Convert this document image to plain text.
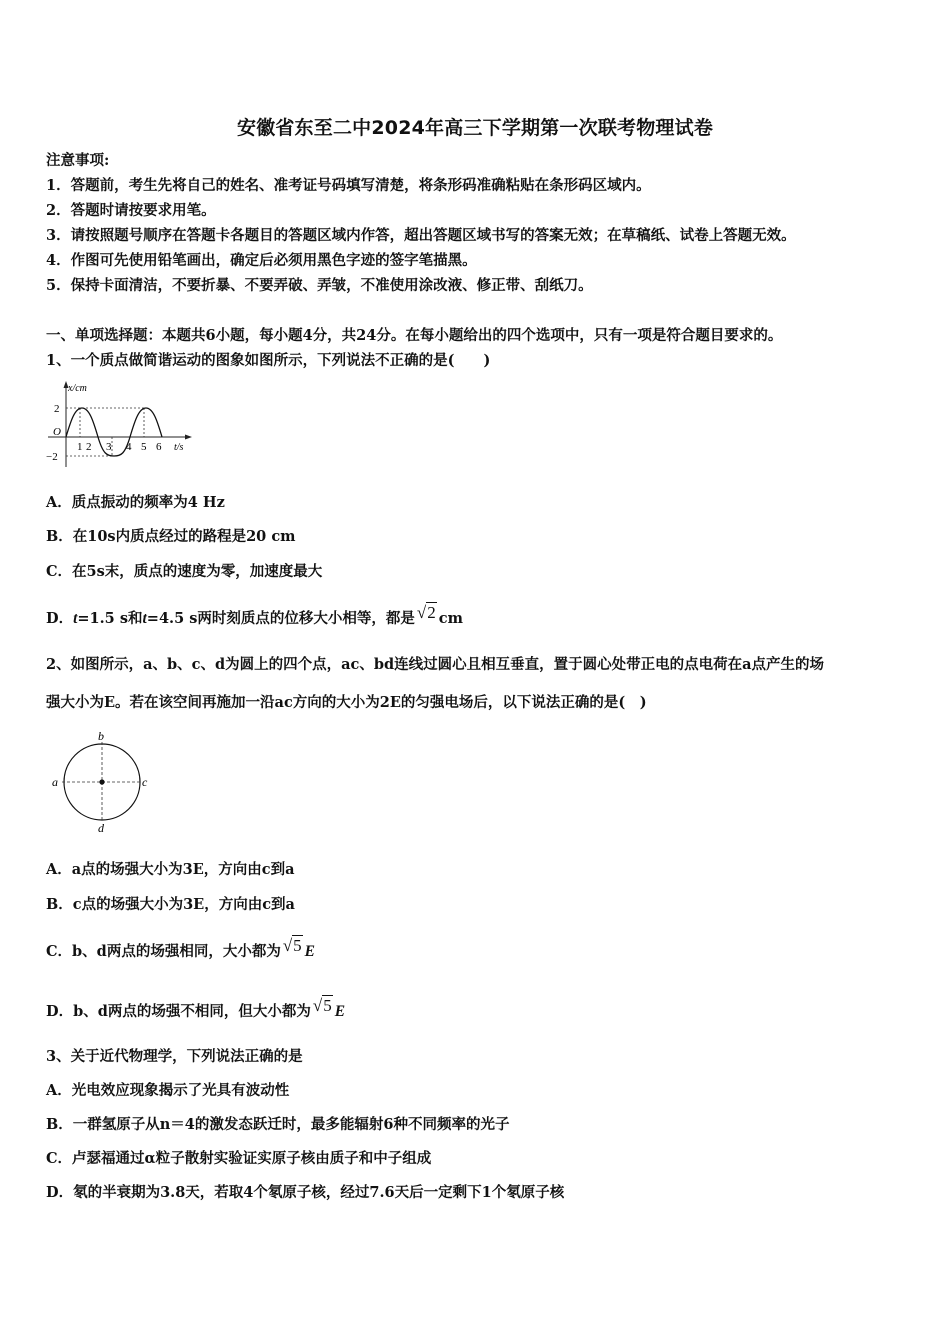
安徽省东至二中2024年高三下学期第一次联考物理试卷
注意事项:
1．答题前，考生先将自己的姓名、准考证号码填写清楚，将条形码准确粘贴在条形码区域内。
2．答题时请按要求用笔。
3．请按照题号顺序在答题卡各题目的答题区域内作答，超出答题区域书写的答案无效；在草稿纸、试卷上答题无效。
4．作图可先使用铅笔画出，确定后必须用黑色字迹的签字笔描黑。
5．保持卡面清洁，不要折暴、不要弄破、弄皱，不准使用涂改液、修正带、刮纸刀。
一、单项选择题：本题共6小题，每小题4分，共24分。在每小题给出的四个选项中，只有一项是符合题目要求的。
1、一个质点做简谐运动的图象如图所示，下列说法不正确的是(　　)
x/cm
t/s
O
2
−2
1 2 3 4 5 6
A．质点振动的频率为4 Hz
B．在10s内质点经过的路程是20 cm
C．在5s末，质点的速度为零，加速度最大
D．t=1.5 s和t=4.5 s两时刻质点的位移大小相等，都是 √2 cm
2、如图所示，a、b、c、d为圆上的四个点，ac、bd连线过圆心且相互垂直，置于圆心处带正电的点电荷在a点产生的场
强大小为E。若在该空间再施加一沿ac方向的大小为2E的匀强电场后，以下说法正确的是(　)
b
a	c
d
A．a点的场强大小为3E，方向由c到a
B．c点的场强大小为3E，方向由c到a
C．b、d两点的场强相同，大小都为 √5 E
D．b、d两点的场强不相同，但大小都为 √5 E
3、关于近代物理学，下列说法正确的是
A．光电效应现象揭示了光具有波动性
B．一群氢原子从n＝4的激发态跃迁时，最多能辐射6种不同频率的光子
C．卢瑟福通过α粒子散射实验证实原子核由质子和中子组成
D．氡的半衰期为3.8天，若取4个氡原子核，经过7.6天后一定剩下1个氡原子核
